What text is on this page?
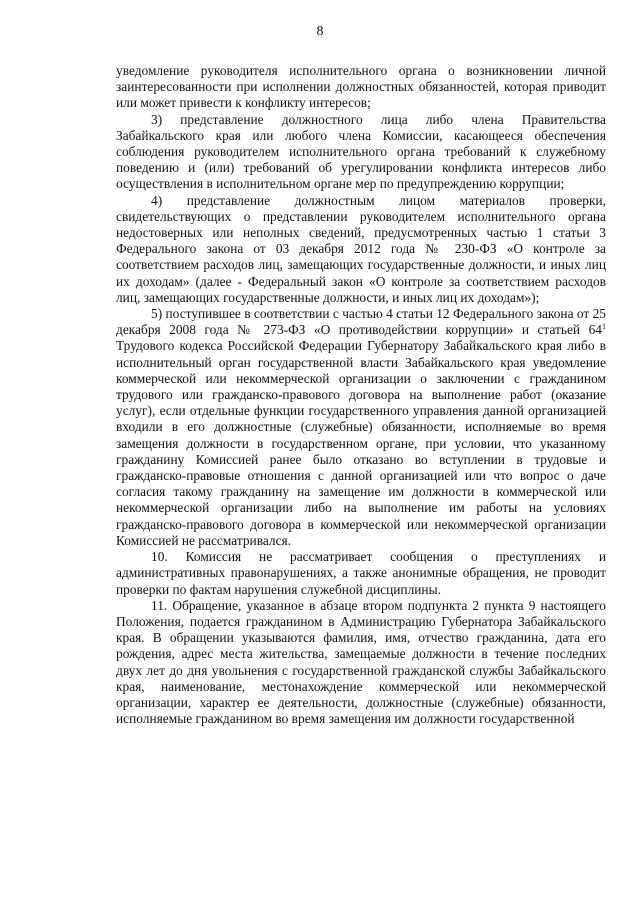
8

уведомление руководителя исполнительного органа о возникновении личной заинтересованности при исполнении должностных обязанностей, которая приводит или может привести к конфликту интересов;

3) представление должностного лица либо члена Правительства Забайкальского края или любого члена Комиссии, касающееся обеспечения соблюдения руководителем исполнительного органа требований к служебному поведению и (или) требований об урегулировании конфликта интересов либо осуществления в исполнительном органе мер по предупреждению коррупции;

4) представление должностным лицом материалов проверки, свидетельствующих о представлении руководителем исполнительного органа недостоверных или неполных сведений, предусмотренных частью 1 статьи 3 Федерального закона от 03 декабря 2012 года № 230-ФЗ «О контроле за соответствием расходов лиц, замещающих государственные должности, и иных лиц их доходам» (далее - Федеральный закон «О контроле за соответствием расходов лиц, замещающих государственные должности, и иных лиц их доходам»);

5) поступившее в соответствии с частью 4 статьи 12 Федерального закона от 25 декабря 2008 года № 273-ФЗ «О противодействии коррупции» и статьей $64^1$ Трудового кодекса Российской Федерации Губернатору Забайкальского края либо в исполнительный орган государственной власти Забайкальского края уведомление коммерческой или некоммерческой организации о заключении с гражданином трудового или гражданско-правового договора на выполнение работ (оказание услуг), если отдельные функции государственного управления данной организацией входили в его должностные (служебные) обязанности, исполняемые во время замещения должности в государственном органе, при условии, что указанному гражданину Комиссией ранее было отказано во вступлении в трудовые и гражданско-правовые отношения с данной организацией или что вопрос о даче согласия такому гражданину на замещение им должности в коммерческой или некоммерческой организации либо на выполнение им работы на условиях гражданско-правового договора в коммерческой или некоммерческой организации Комиссией не рассматривался.

10. Комиссия не рассматривает сообщения о преступлениях и административных правонарушениях, а также анонимные обращения, не проводит проверки по фактам нарушения служебной дисциплины.

11. Обращение, указанное в абзаце втором подпункта 2 пункта 9 настоящего Положения, подается гражданином в Администрацию Губернатора Забайкальского края. В обращении указываются фамилия, имя, отчество гражданина, дата его рождения, адрес места жительства, замещаемые должности в течение последних двух лет до дня увольнения с государственной гражданской службы Забайкальского края, наименование, местонахождение коммерческой или некоммерческой организации, характер ее деятельности, должностные (служебные) обязанности, исполняемые гражданином во время замещения им должности государственной
